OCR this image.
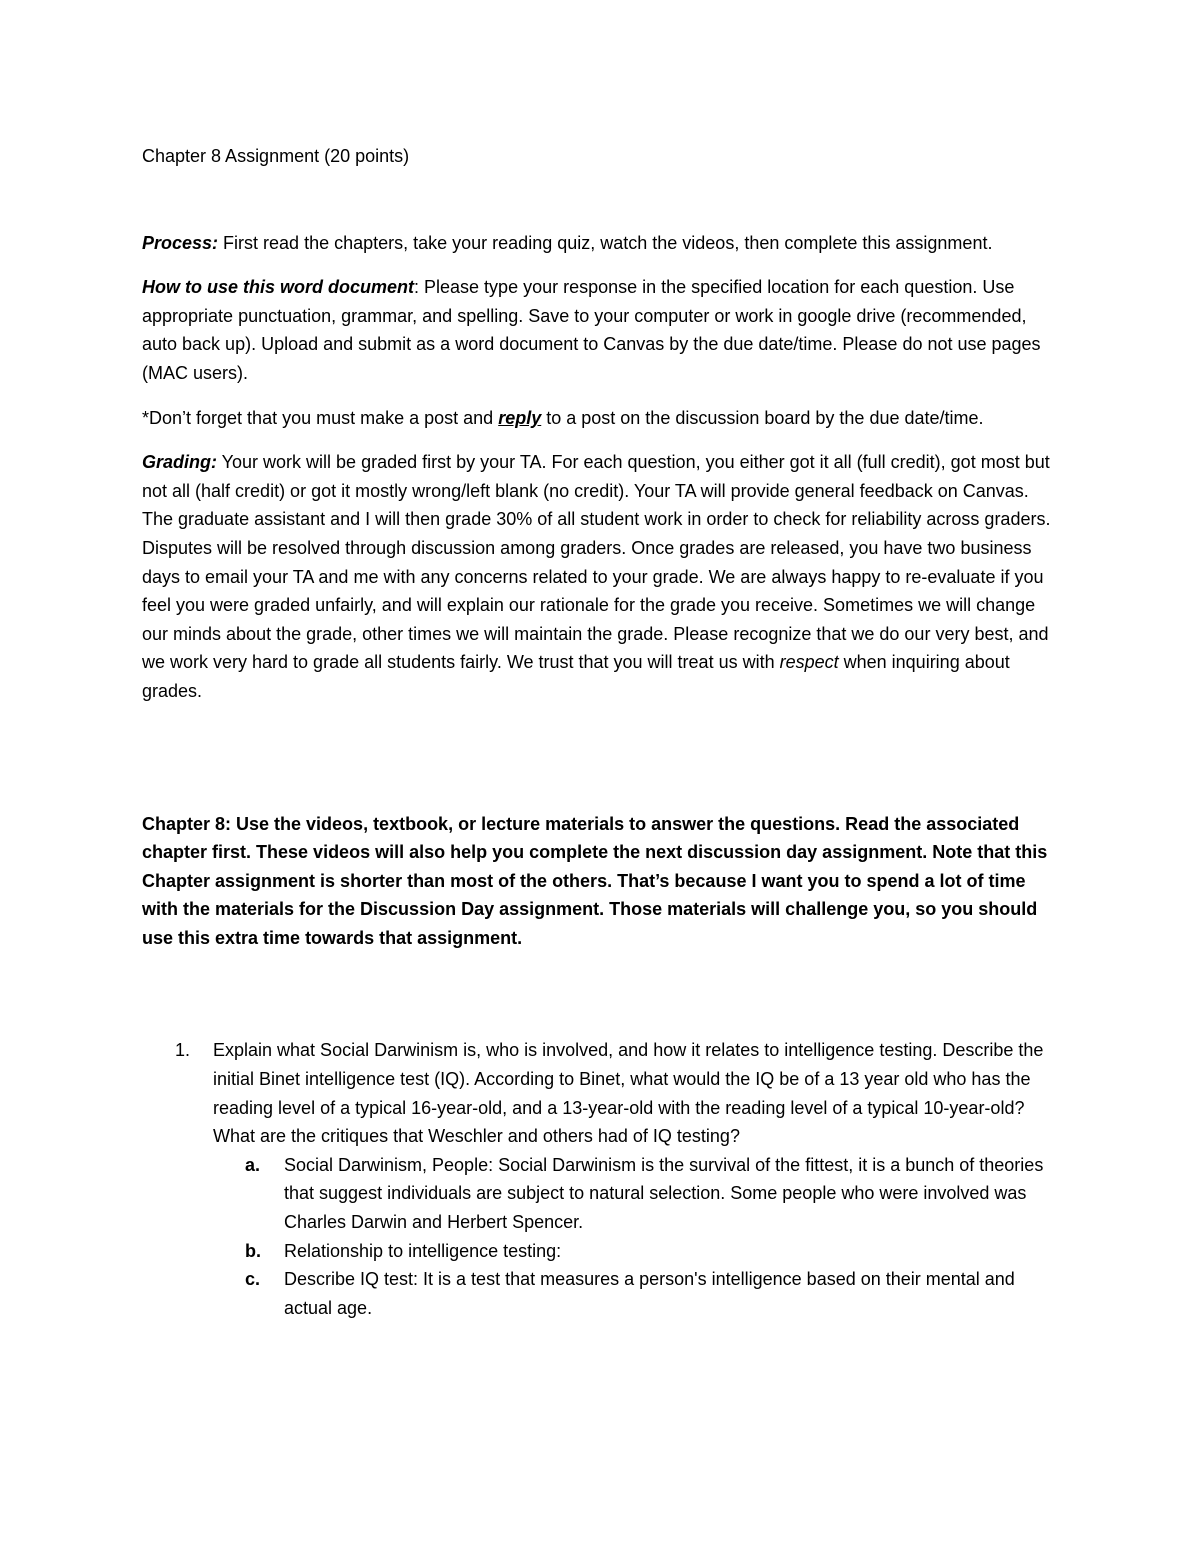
Chapter 8 Assignment (20 points)

Process: First read the chapters, take your reading quiz, watch the videos, then complete this assignment.

How to use this word document: Please type your response in the specified location for each question. Use appropriate punctuation, grammar, and spelling. Save to your computer or work in google drive (recommended, auto back up). Upload and submit as a word document to Canvas by the due date/time. Please do not use pages (MAC users).

*Don’t forget that you must make a post and reply to a post on the discussion board by the due date/time.

Grading: Your work will be graded first by your TA. For each question, you either got it all (full credit), got most but not all (half credit) or got it mostly wrong/left blank (no credit). Your TA will provide general feedback on Canvas. The graduate assistant and I will then grade 30% of all student work in order to check for reliability across graders. Disputes will be resolved through discussion among graders. Once grades are released, you have two business days to email your TA and me with any concerns related to your grade. We are always happy to re-evaluate if you feel you were graded unfairly, and will explain our rationale for the grade you receive. Sometimes we will change our minds about the grade, other times we will maintain the grade. Please recognize that we do our very best, and we work very hard to grade all students fairly. We trust that you will treat us with respect when inquiring about grades.

Chapter 8: Use the videos, textbook, or lecture materials to answer the questions. Read the associated chapter first. These videos will also help you complete the next discussion day assignment. Note that this Chapter assignment is shorter than most of the others. That’s because I want you to spend a lot of time with the materials for the Discussion Day assignment. Those materials will challenge you, so you should use this extra time towards that assignment.

1. Explain what Social Darwinism is, who is involved, and how it relates to intelligence testing. Describe the initial Binet intelligence test (IQ). According to Binet, what would the IQ be of a 13 year old who has the reading level of a typical 16-year-old, and a 13-year-old with the reading level of a typical 10-year-old? What are the critiques that Weschler and others had of IQ testing?

a. Social Darwinism, People: Social Darwinism is the survival of the fittest, it is a bunch of theories that suggest individuals are subject to natural selection. Some people who were involved was Charles Darwin and Herbert Spencer.

b. Relationship to intelligence testing:

c. Describe IQ test: It is a test that measures a person's intelligence based on their mental and actual age.
